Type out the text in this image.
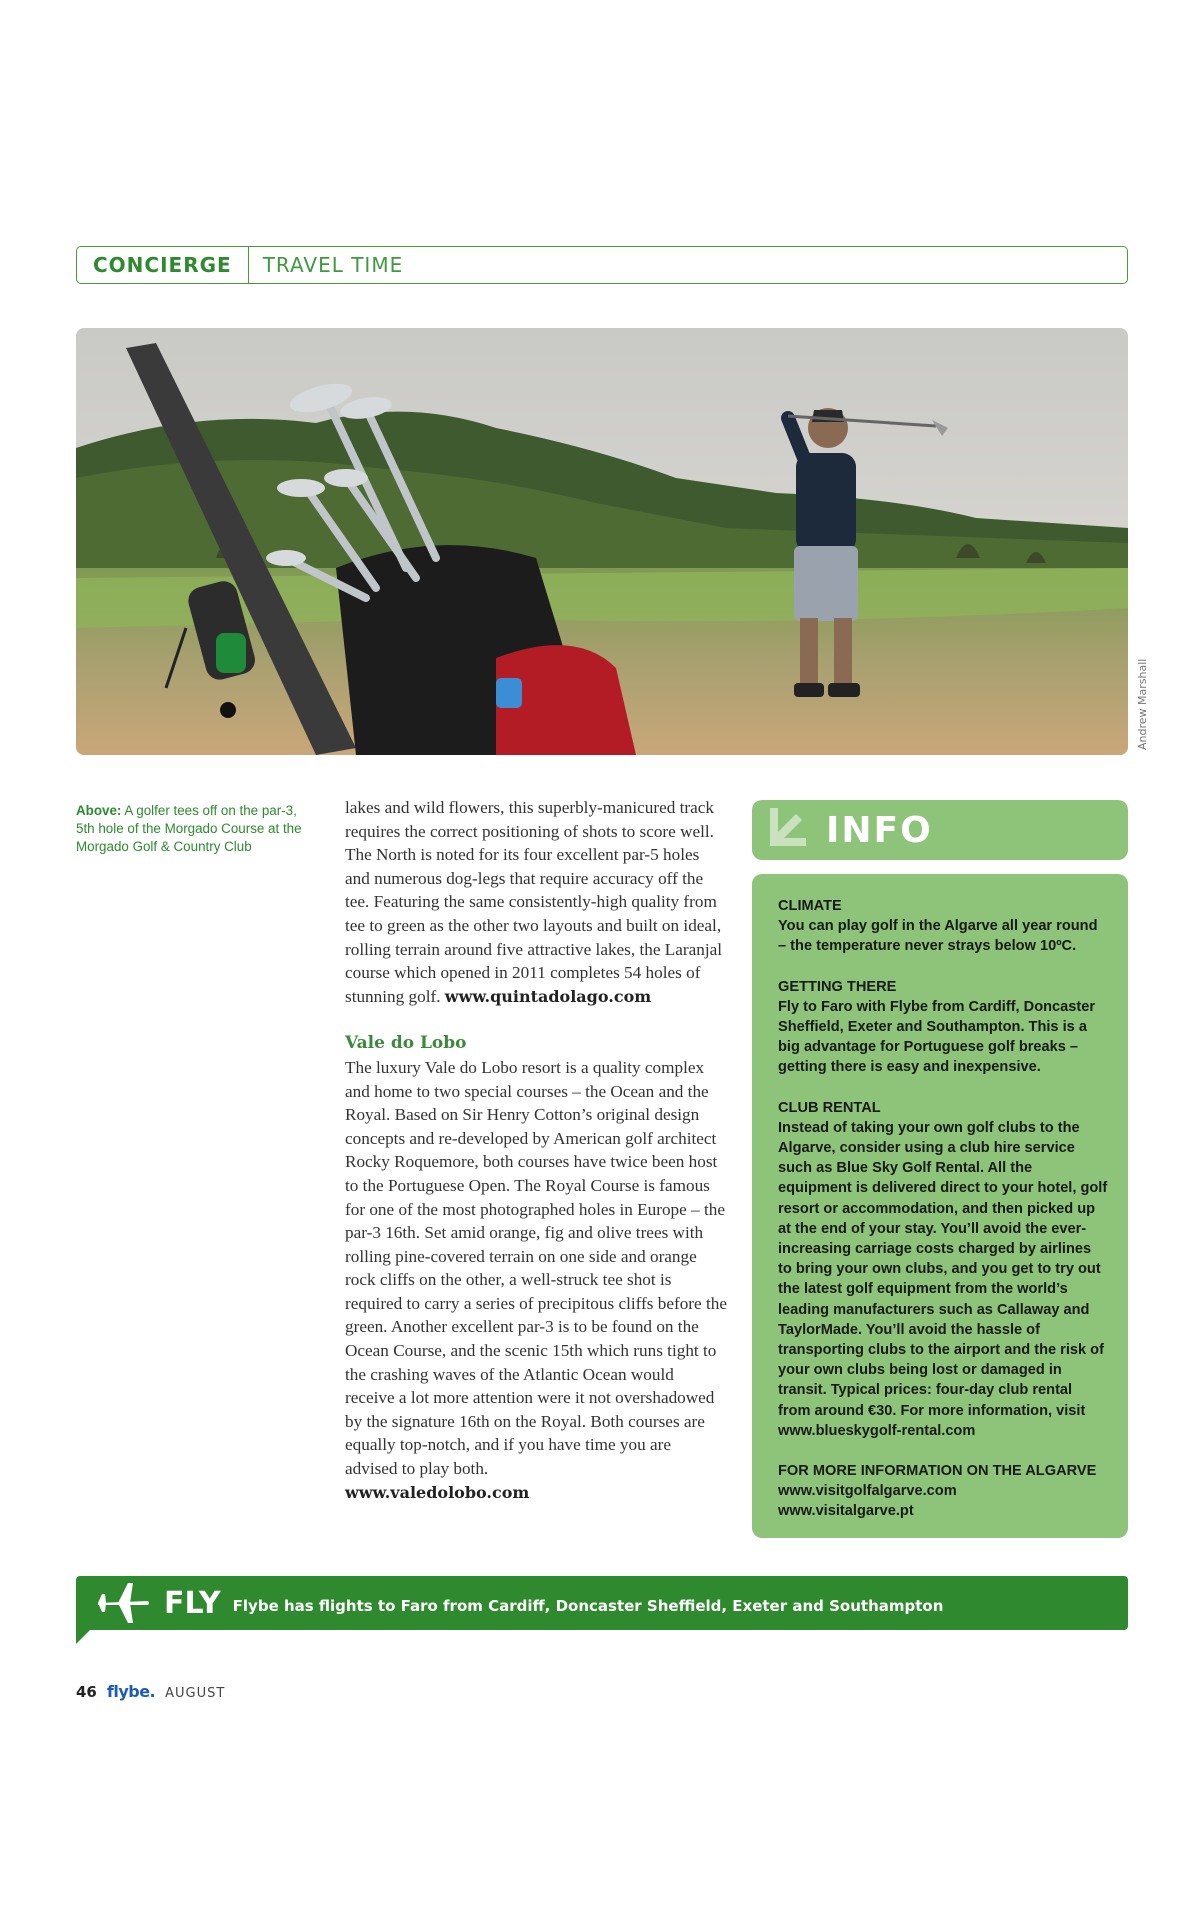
CONCIERGE	TRAVEL TIME
Andrew Marshall
Above: A golfer tees off on the par-3, 5th hole of the Morgado Course at the Morgado Golf & Country Club

lakes and wild flowers, this superbly-manicured track requires the correct positioning of shots to score well. The North is noted for its four excellent par-5 holes and numerous dog-legs that require accuracy off the tee. Featuring the same consistently-high quality from tee to green as the other two layouts and built on ideal, rolling terrain around five attractive lakes, the Laranjal course which opened in 2011 completes 54 holes of stunning golf. www.quintadolago.com

Vale do Lobo

The luxury Vale do Lobo resort is a quality complex and home to two special courses – the Ocean and the Royal. Based on Sir Henry Cotton’s original design concepts and re-developed by American golf architect Rocky Roquemore, both courses have twice been host to the Portuguese Open. The Royal Course is famous for one of the most photographed holes in Europe – the par-3 16th. Set amid orange, fig and olive trees with rolling pine-covered terrain on one side and orange rock cliffs on the other, a well-struck tee shot is required to carry a series of precipitous cliffs before the green. Another excellent par-3 is to be found on the Ocean Course, and the scenic 15th which runs tight to the crashing waves of the Atlantic Ocean would receive a lot more attention were it not overshadowed by the signature 16th on the Royal. Both courses are equally top-notch, and if you have time you are advised to play both.

www.valedolobo.com

INFO
CLIMATE

You can play golf in the Algarve all year round – the temperature never strays below 10ºC.

GETTING THERE

Fly to Faro with Flybe from Cardiff, Doncaster Sheffield, Exeter and Southampton. This is a big advantage for Portuguese golf breaks – getting there is easy and inexpensive.

CLUB RENTAL

Instead of taking your own golf clubs to the Algarve, consider using a club hire service such as Blue Sky Golf Rental. All the equipment is delivered direct to your hotel, golf resort or accommodation, and then picked up at the end of your stay. You’ll avoid the ever-increasing carriage costs charged by airlines to bring your own clubs, and you get to try out the latest golf equipment from the world’s leading manufacturers such as Callaway and TaylorMade. You’ll avoid the hassle of transporting clubs to the airport and the risk of your own clubs being lost or damaged in transit. Typical prices: four-day club rental from around €30. For more information, visit
www.blueskygolf-rental.com

FOR MORE INFORMATION ON THE ALGARVE
www.visitgolfalgarve.com
www.visitalgarve.pt
FLY Flybe has flights to Faro from Cardiff, Doncaster Sheffield, Exeter and Southampton
46 flybe. AUGUST
